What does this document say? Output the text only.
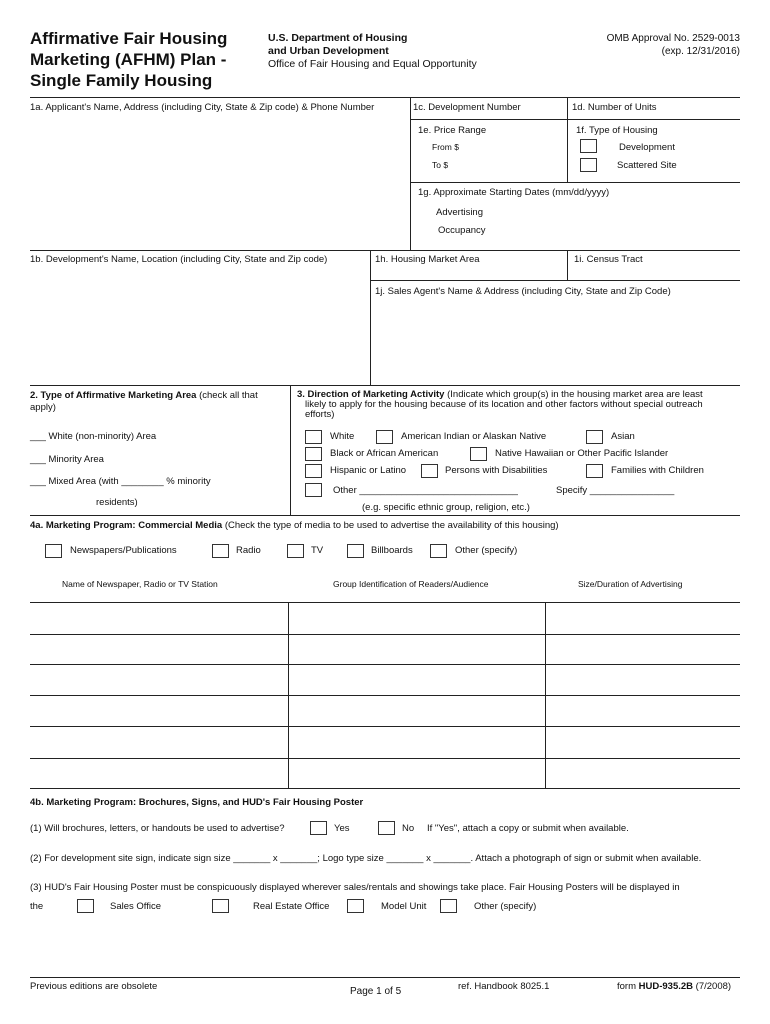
Affirmative Fair Housing
Marketing (AFHM) Plan -
Single Family Housing
U.S. Department of Housing
and Urban Development
Office of Fair Housing and Equal Opportunity
OMB Approval No. 2529-0013
(exp. 12/31/2016)
1a. Applicant's Name, Address (including City, State & Zip code) & Phone Number	1c. Development Number	1d. Number of Units
1e. Price Range
From $
To $
1f. Type of Housing
Development
Scattered Site
1g. Approximate Starting Dates (mm/dd/yyyy)
Advertising
Occupancy
1b. Development's Name, Location (including City, State and Zip code)	1h. Housing Market Area	1i. Census Tract
1j. Sales Agent's Name & Address (including City, State and Zip Code)
2. Type of Affirmative Marketing Area (check all that
apply)
___ White (non-minority) Area
___ Minority Area
___ Mixed Area (with ________ % minority
residents)
3. Direction of Marketing Activity (Indicate which group(s) in the housing market area are least
likely to apply for the housing because of its location and other factors without special outreach
efforts)
White	American Indian or Alaskan Native	Asian
Black or African American	Native Hawaiian or Other Pacific Islander
Hispanic or Latino	Persons with Disabilities	Families with Children
Other ______________________________	Specify ________________
(e.g. specific ethnic group, religion, etc.)
4a. Marketing Program: Commercial Media (Check the type of media to be used to advertise the availability of this housing)
Newspapers/Publications	Radio	TV	Billboards	Other (specify)
Name of Newspaper, Radio or TV Station	Group Identification of Readers/Audience	Size/Duration of Advertising
4b. Marketing Program: Brochures, Signs, and HUD's Fair Housing Poster
(1) Will brochures, letters, or handouts be used to advertise?	Yes	No If "Yes", attach a copy or submit when available.
(2) For development site sign, indicate sign size _______ x _______; Logo type size _______ x _______. Attach a photograph of sign or submit when available.
(3) HUD's Fair Housing Poster must be conspicuously displayed wherever sales/rentals and showings take place. Fair Housing Posters will be displayed in
the	Sales Office	Real Estate Office	Model Unit	Other (specify)
Previous editions are obsolete	Page 1 of 5	ref. Handbook 8025.1	form HUD-935.2B (7/2008)
